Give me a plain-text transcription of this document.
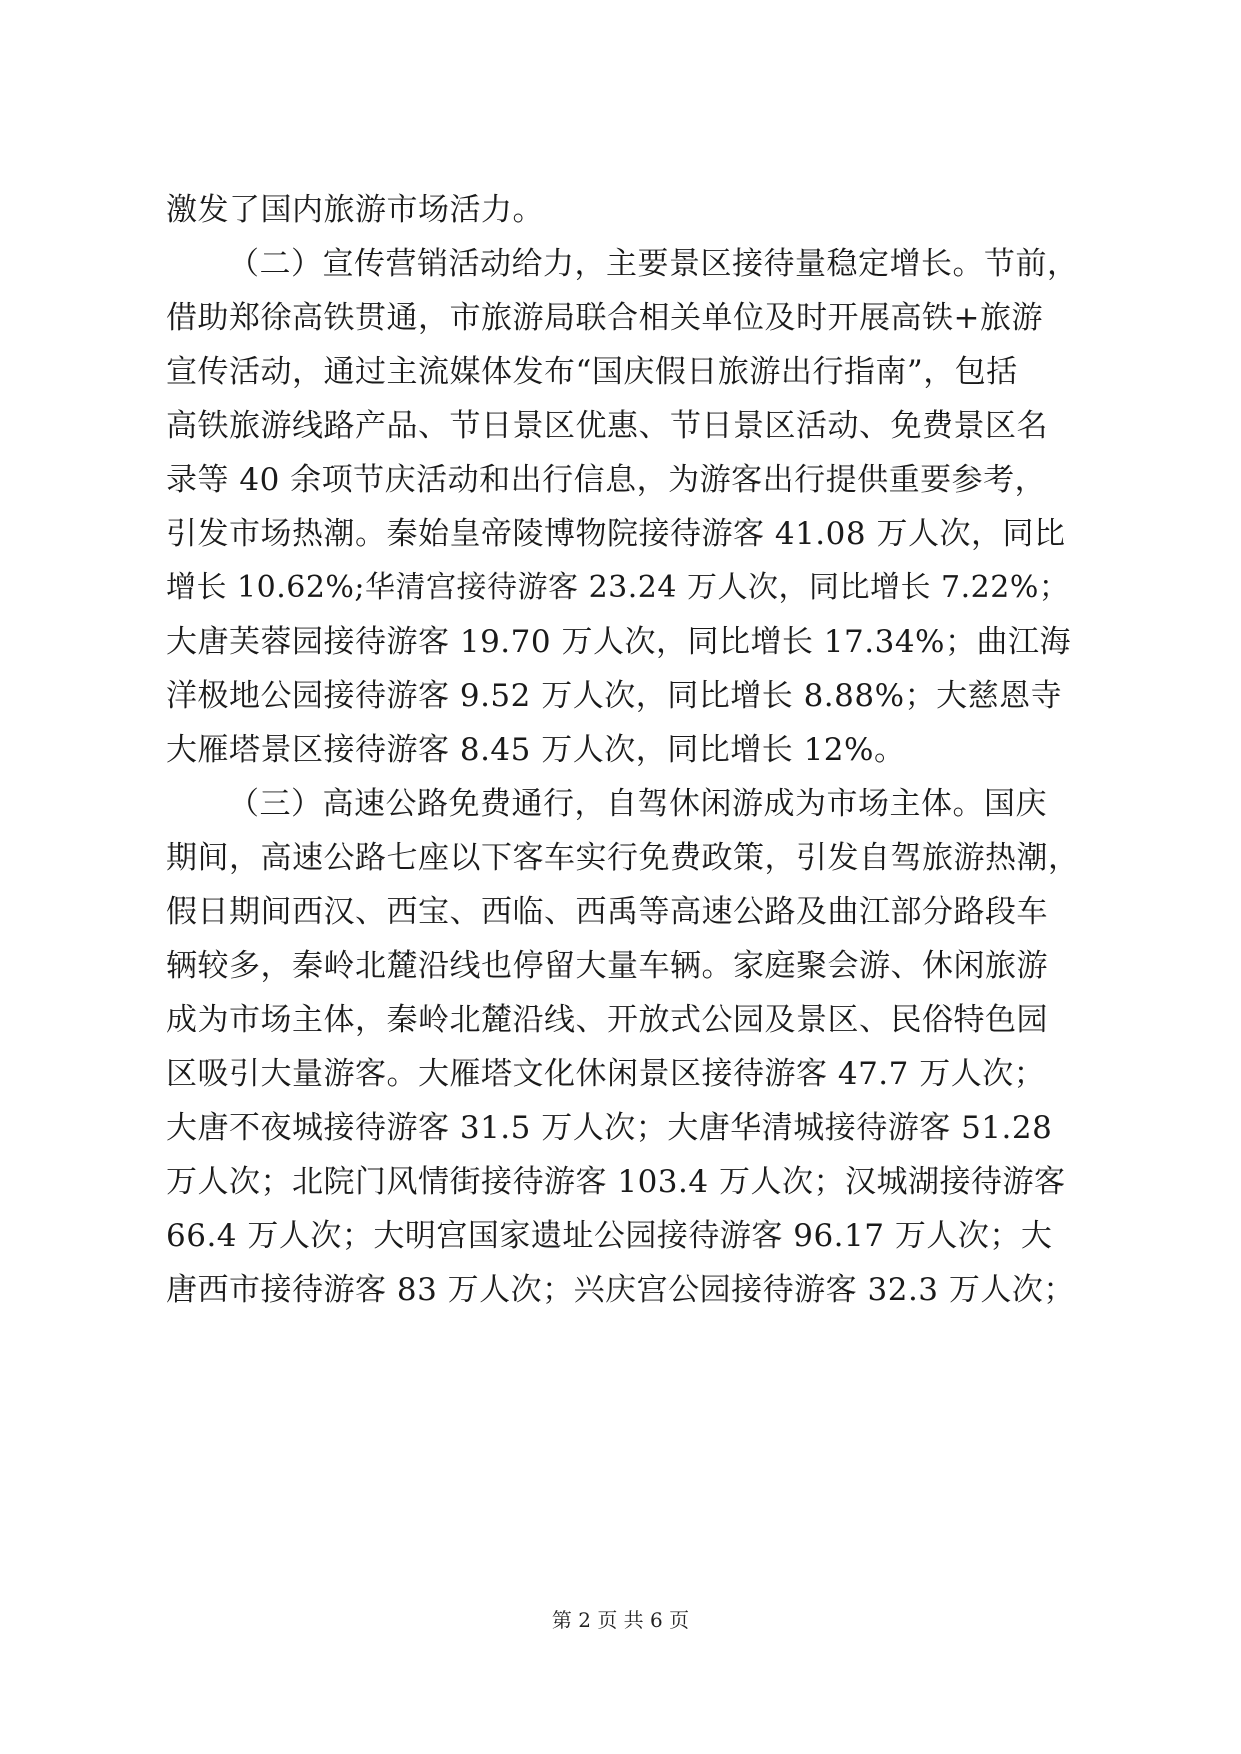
激发了国内旅游市场活力。
（二）宣传营销活动给力，主要景区接待量稳定增长。节前，
借助郑徐高铁贯通，市旅游局联合相关单位及时开展高铁+旅游
宣传活动，通过主流媒体发布“国庆假日旅游出行指南”，包括
高铁旅游线路产品、节日景区优惠、节日景区活动、免费景区名
录等 40 余项节庆活动和出行信息，为游客出行提供重要参考，
引发市场热潮。秦始皇帝陵博物院接待游客 41.08 万人次，同比
增长 10.62%;华清宫接待游客 23.24 万人次，同比增长 7.22%；
大唐芙蓉园接待游客 19.70 万人次，同比增长 17.34%；曲江海
洋极地公园接待游客 9.52 万人次，同比增长 8.88%；大慈恩寺
大雁塔景区接待游客 8.45 万人次，同比增长 12%。
（三）高速公路免费通行，自驾休闲游成为市场主体。国庆
期间，高速公路七座以下客车实行免费政策，引发自驾旅游热潮，
假日期间西汉、西宝、西临、西禹等高速公路及曲江部分路段车
辆较多，秦岭北麓沿线也停留大量车辆。家庭聚会游、休闲旅游
成为市场主体，秦岭北麓沿线、开放式公园及景区、民俗特色园
区吸引大量游客。大雁塔文化休闲景区接待游客 47.7 万人次；
大唐不夜城接待游客 31.5 万人次；大唐华清城接待游客 51.28
万人次；北院门风情街接待游客 103.4 万人次；汉城湖接待游客
66.4 万人次；大明宫国家遗址公园接待游客 96.17 万人次；大
唐西市接待游客 83 万人次；兴庆宫公园接待游客 32.3 万人次；
第 2 页 共 6 页
